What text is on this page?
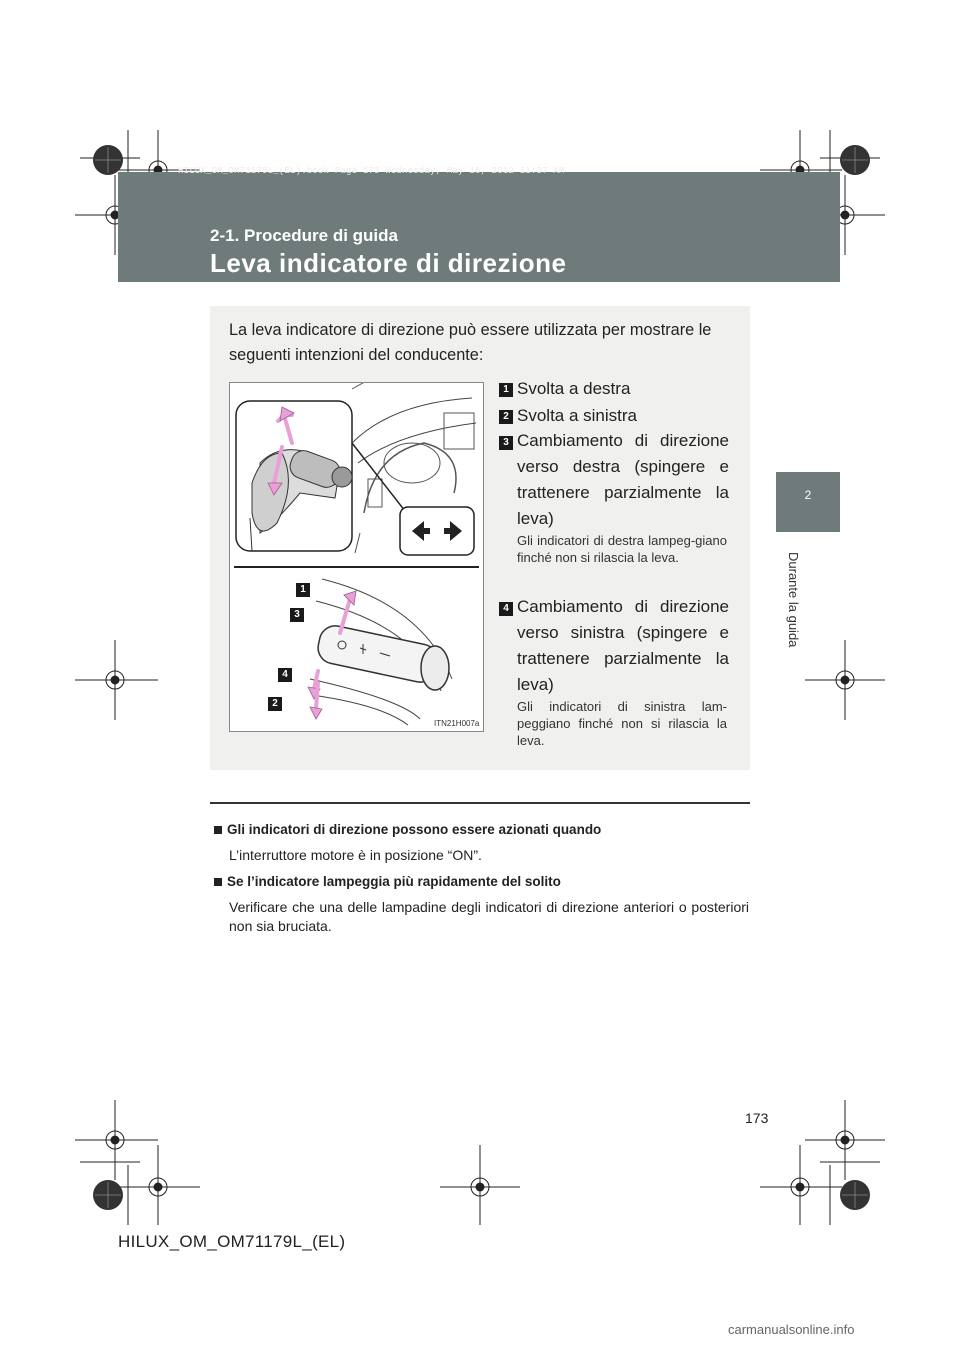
HILUX_OM_OM71179L_(EL).book Page 173 Wednesday, May 16, 2012 11:37 AM
2-1. Procedure di guida
Leva indicatore di direzione
2
Durante la guida
La leva indicatore di direzione può essere utilizzata per mostrare le seguenti intenzioni del conducente:
1
3
4
2
ITN21H007a
1 Svolta a destra
2 Svolta a sinistra
3 Cambiamento di direzione verso destra (spingere e trattenere parzialmente la leva)
Gli indicatori di destra lampeg-giano finché non si rilascia la leva.
4 Cambiamento di direzione verso sinistra (spingere e trattenere parzialmente la leva)
Gli indicatori di sinistra lam-peggiano finché non si rilascia la leva.
Gli indicatori di direzione possono essere azionati quando
L’interruttore motore è in posizione “ON”.
Se l’indicatore lampeggia più rapidamente del solito
Verificare che una delle lampadine degli indicatori di direzione anteriori o posteriori non sia bruciata.
173
HILUX_OM_OM71179L_(EL)
carmanualsonline.info
